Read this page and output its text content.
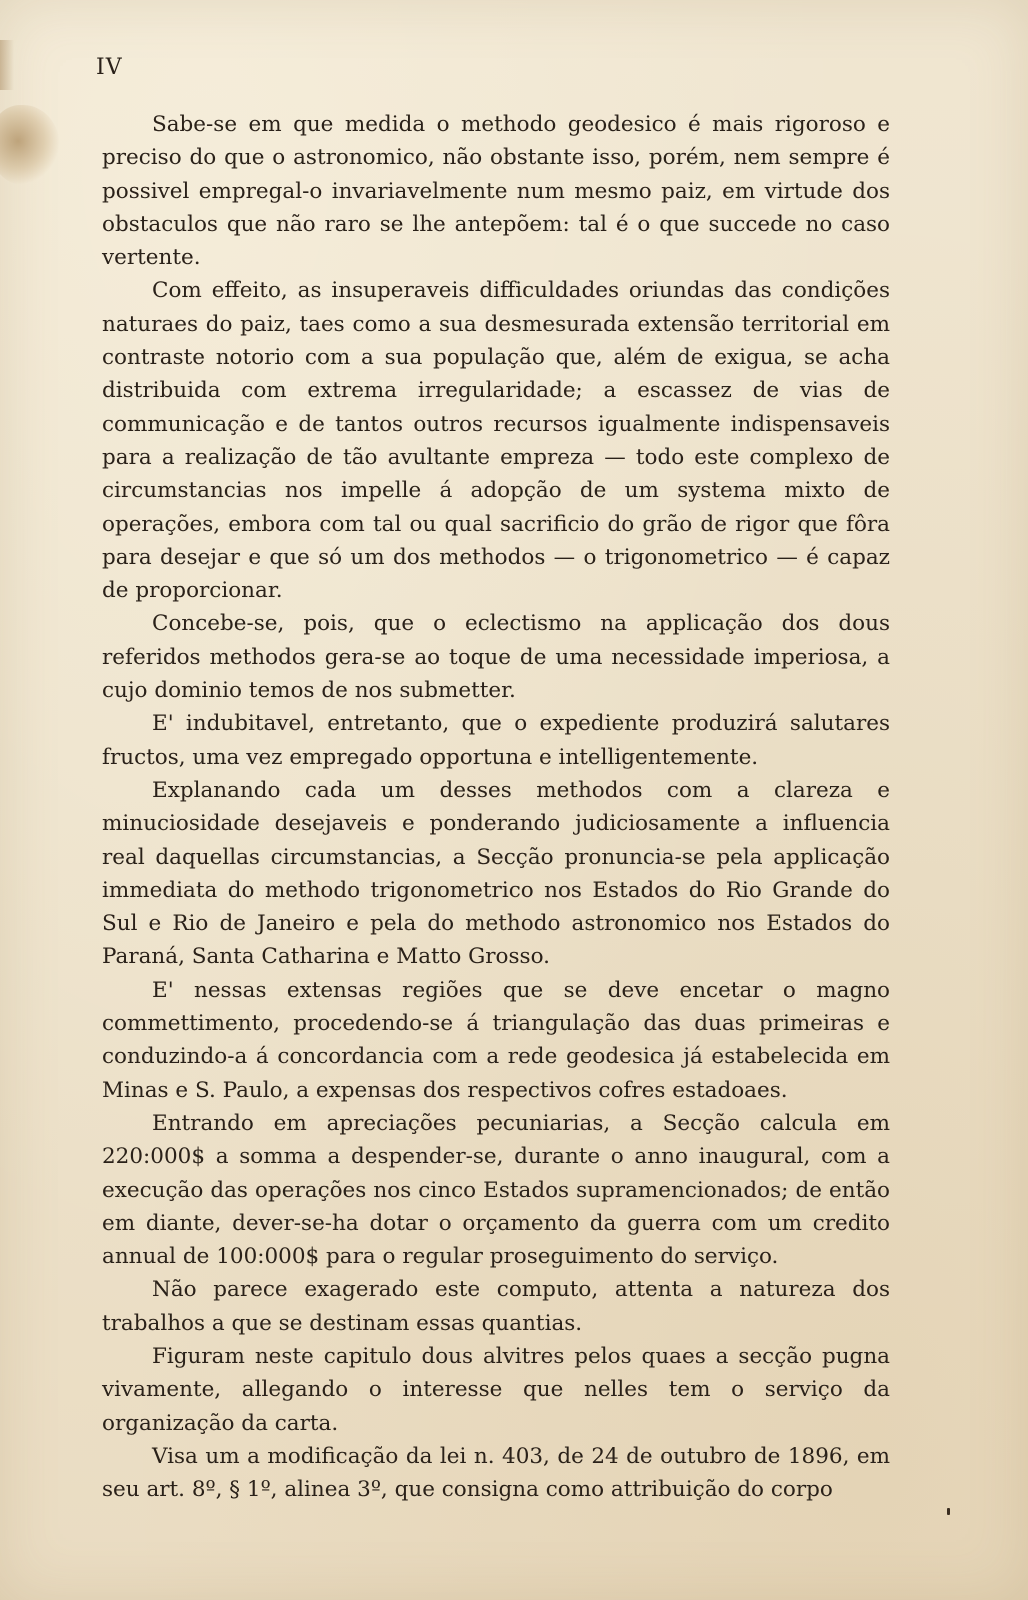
IV

Sabe-se em que medida o methodo geodesico é mais rigoroso e preciso do que o astronomico, não obstante isso, porém, nem sempre é possivel empregal-o invariavelmente num mesmo paiz, em virtude dos obstaculos que não raro se lhe antepõem: tal é o que succede no caso vertente.

Com effeito, as insuperaveis difficuldades oriundas das condições naturaes do paiz, taes como a sua desmesurada extensão territorial em contraste notorio com a sua população que, além de exigua, se acha distribuida com extrema irregularidade; a escassez de vias de communicação e de tantos outros recursos igualmente indispensaveis para a realização de tão avultante empreza — todo este complexo de circumstancias nos impelle á adopção de um systema mixto de operações, embora com tal ou qual sacrificio do grão de rigor que fôra para desejar e que só um dos methodos — o trigonometrico — é capaz de proporcionar.

Concebe-se, pois, que o eclectismo na applicação dos dous referidos methodos gera-se ao toque de uma necessidade imperiosa, a cujo dominio temos de nos submetter.

E' indubitavel, entretanto, que o expediente produzirá salutares fructos, uma vez empregado opportuna e intelligentemente.

Explanando cada um desses methodos com a clareza e minuciosidade desejaveis e ponderando judiciosamente a influencia real daquellas circumstancias, a Secção pronuncia-se pela applicação immediata do methodo trigonometrico nos Estados do Rio Grande do Sul e Rio de Janeiro e pela do methodo astronomico nos Estados do Paraná, Santa Catharina e Matto Grosso.

E' nessas extensas regiões que se deve encetar o magno commettimento, procedendo-se á triangulação das duas primeiras e conduzindo-a á concordancia com a rede geodesica já estabelecida em Minas e S. Paulo, a expensas dos respectivos cofres estadoaes.

Entrando em apreciações pecuniarias, a Secção calcula em 220:000$ a somma a despender-se, durante o anno inaugural, com a execução das operações nos cinco Estados supramencionados; de então em diante, dever-se-ha dotar o orçamento da guerra com um credito annual de 100:000$ para o regular proseguimento do serviço.

Não parece exagerado este computo, attenta a natureza dos trabalhos a que se destinam essas quantias.

Figuram neste capitulo dous alvitres pelos quaes a secção pugna vivamente, allegando o interesse que nelles tem o serviço da organização da carta.

Visa um a modificação da lei n. 403, de 24 de outubro de 1896, em seu art. 8º, § 1º, alinea 3º, que consigna como attribuição do corpo
